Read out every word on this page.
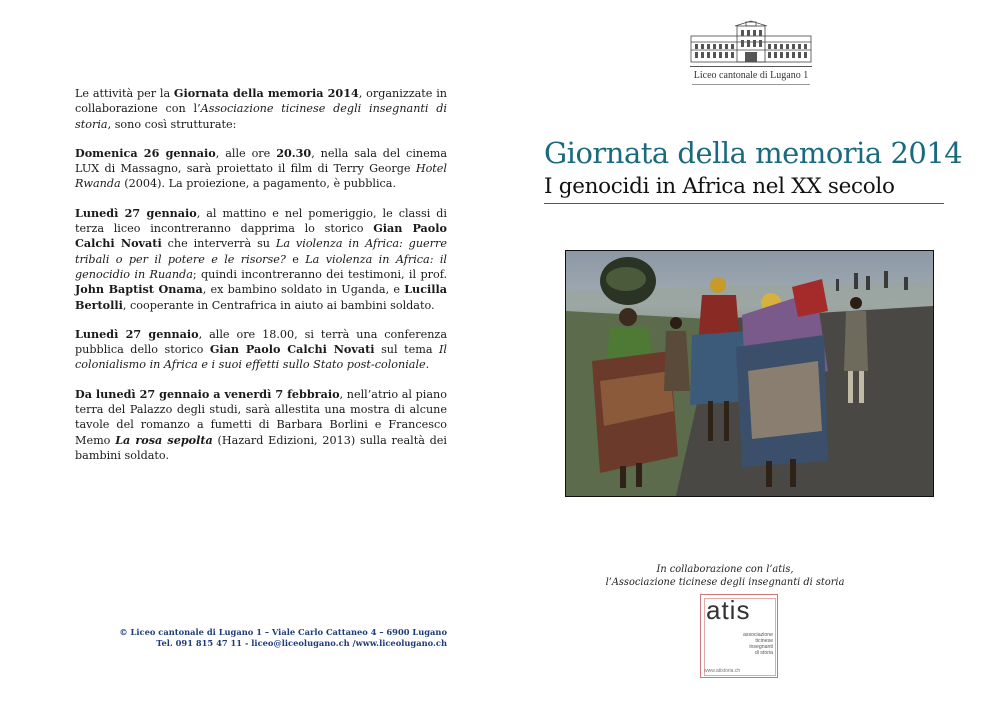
Le attività per la Giornata della memoria 2014, organizzate in collaborazione con l’Associazione ticinese degli insegnanti di storia, sono così strutturate:

Domenica 26 gennaio, alle ore 20.30, nella sala del cinema LUX di Massagno, sarà proiettato il film di Terry George Hotel Rwanda (2004). La proiezione, a pagamento, è pubblica.

Lunedì 27 gennaio, al mattino e nel pomeriggio, le classi di terza liceo incontreranno dapprima lo storico Gian Paolo Calchi Novati che interverrà su La violenza in Africa: guerre tribali o per il potere e le risorse? e La violenza in Africa: il genocidio in Ruanda; quindi incontreranno dei testimoni, il prof. John Baptist Onama, ex bambino soldato in Uganda, e Lucilla Bertolli, cooperante in Centrafrica in aiuto ai bambini soldato.

Lunedì 27 gennaio, alle ore 18.00, si terrà una conferenza pubblica dello storico Gian Paolo Calchi Novati sul tema Il colonialismo in Africa e i suoi effetti sullo Stato post-coloniale.

Da lunedì 27 gennaio a venerdì 7 febbraio, nell’atrio al piano terra del Palazzo degli studi, sarà allestita una mostra di alcune tavole del romanzo a fumetti di Barbara Borlini e Francesco Memo La rosa sepolta (Hazard Edizioni, 2013) sulla realtà dei bambini soldato.

© Liceo cantonale di Lugano 1 – Viale Carlo Cattaneo 4 – 6900 Lugano
Tel. 091 815 47 11 - liceo@liceolugano.ch /www.liceolugano.ch
Liceo cantonale di Lugano 1
Giornata della memoria 2014
I genocidi in Africa nel XX secolo
In collaborazione con l’atis,
l’Associazione ticinese degli insegnanti di storia
atis
associazione
ticinese
insegnanti
di storia
www.atistoria.ch
